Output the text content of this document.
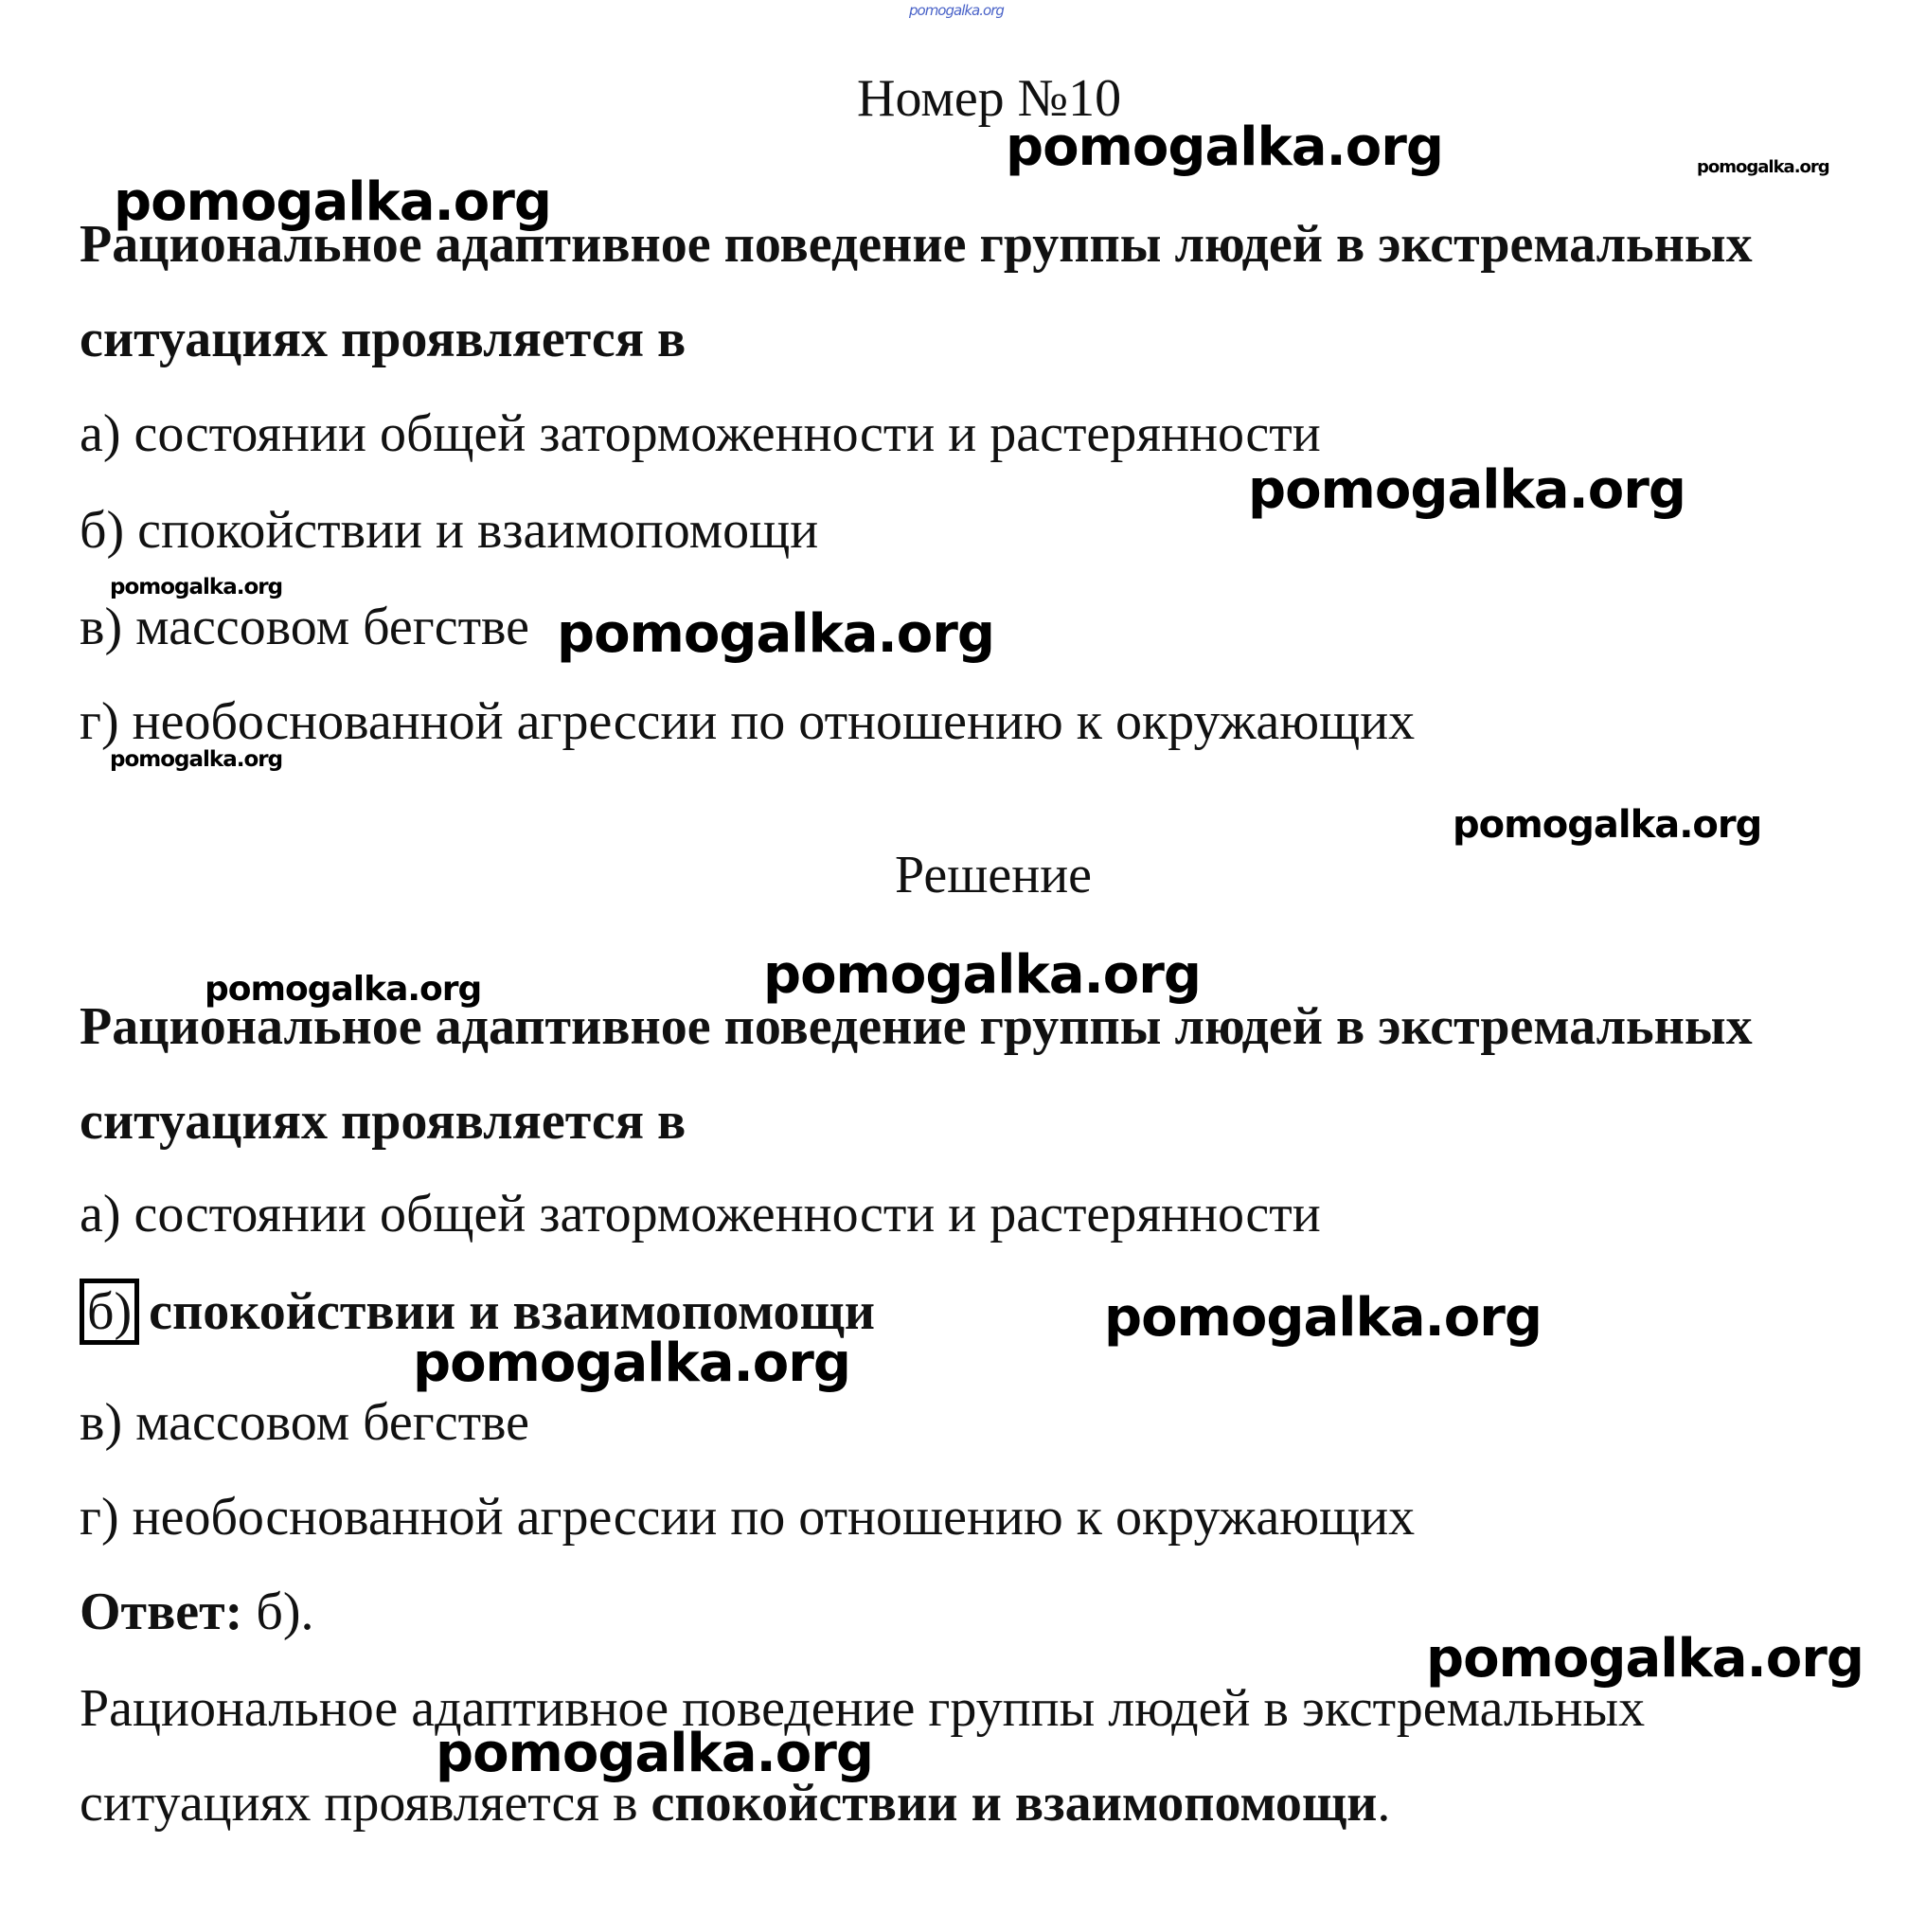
pomogalka.org
Номер №10
pomogalka.org	pomogalka.org
pomogalka.org
Рациональное адаптивное поведение группы людей в экстремальных
ситуациях проявляется в
а) состоянии общей заторможенности и растерянности
pomogalka.org
б) спокойствии и взаимопомощи
pomogalka.org
в) массовом бегстве pomogalka.org
г) необоснованной агрессии по отношению к окружающих
pomogalka.org
pomogalka.org
Решение
pomogalka.org
pomogalka.org
Рациональное адаптивное поведение группы людей в экстремальных
ситуациях проявляется в
а) состоянии общей заторможенности и растерянности
б) спокойствии и взаимопомощи	pomogalka.org
pomogalka.org
в) массовом бегстве
г) необоснованной агрессии по отношению к окружающих
Ответ: б).
pomogalka.org
Рациональное адаптивное поведение группы людей в экстремальных
pomogalka.org
ситуациях проявляется в спокойствии и взаимопомощи.
